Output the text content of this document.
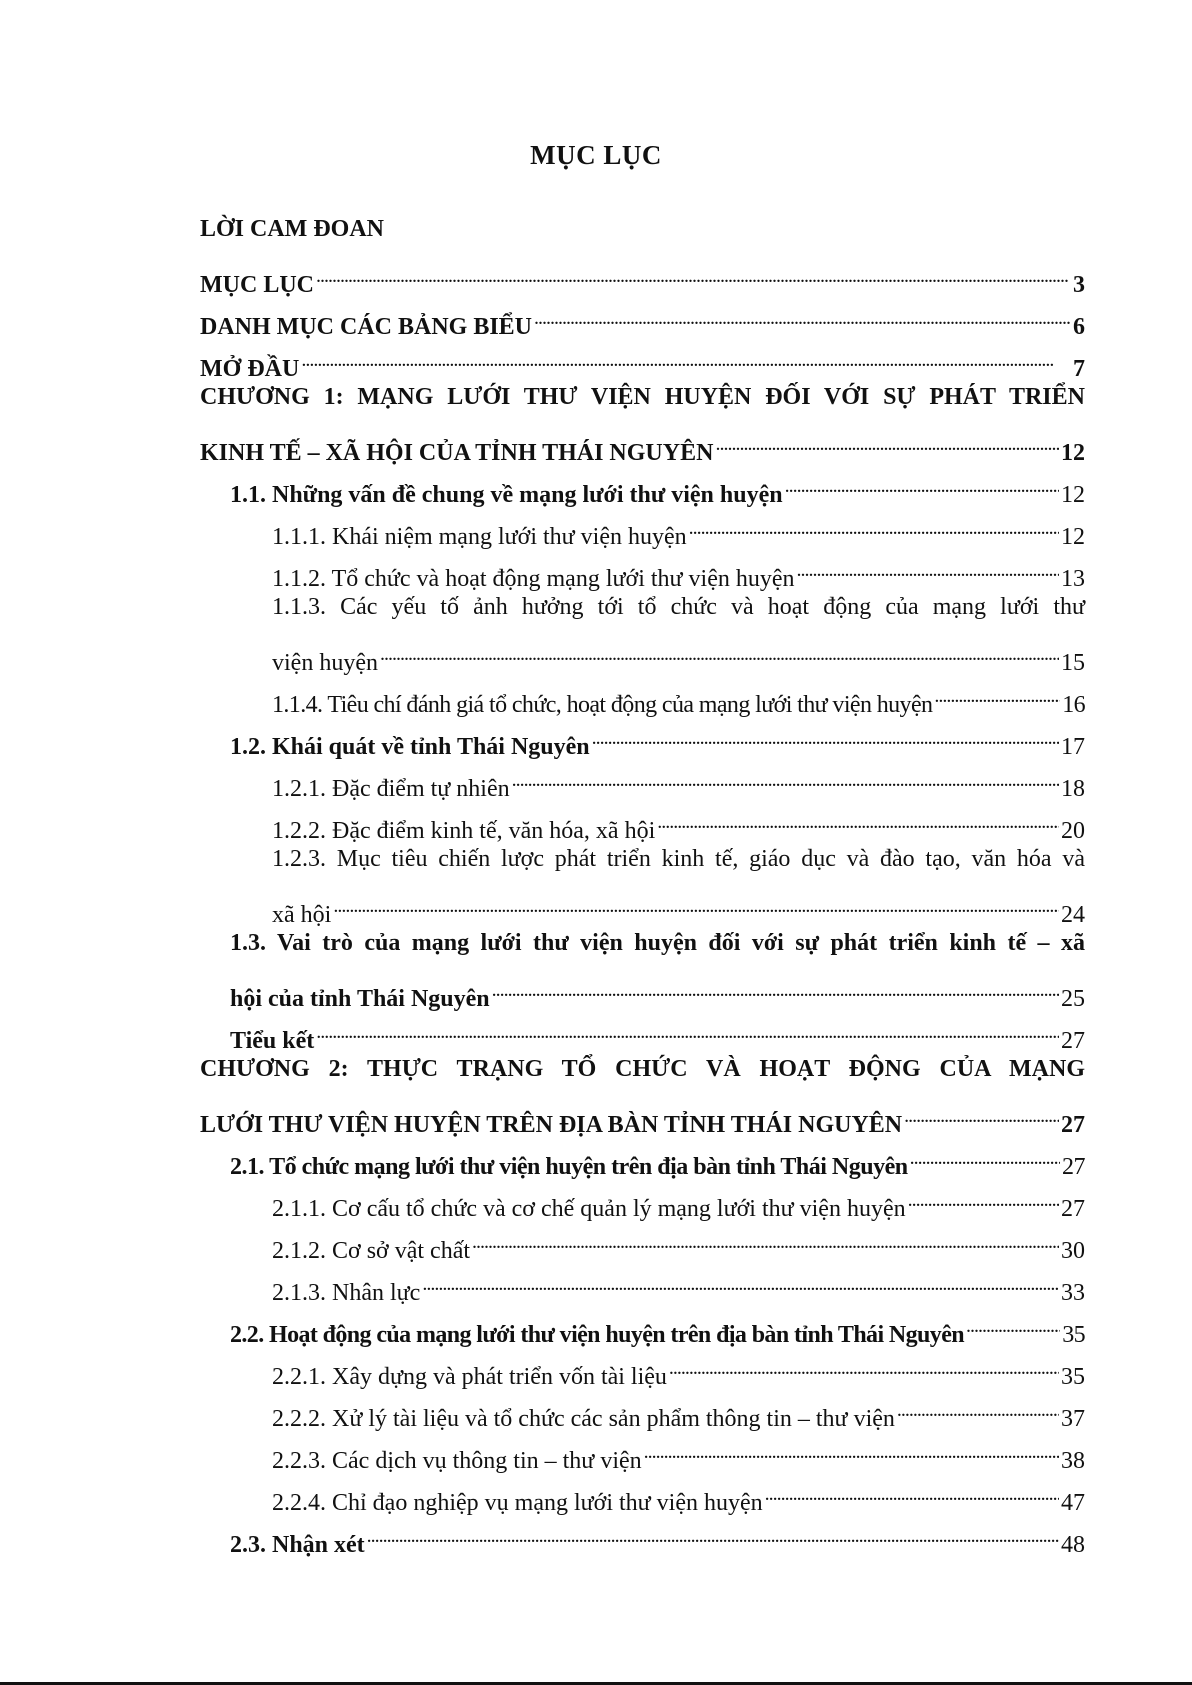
MỤC LỤC
LỜI CAM ĐOAN
MỤC LỤC . . .	3
DANH MỤC CÁC BẢNG BIỂU . . .	6
MỞ ĐẦU . . .	7
CHƯƠNG 1: MẠNG LƯỚI THƯ VIỆN HUYỆN ĐỐI VỚI SỰ PHÁT TRIỂN
KINH TẾ – XÃ HỘI CỦA TỈNH THÁI NGUYÊN . . .	12
1.1. Những vấn đề chung về mạng lưới thư viện huyện . . .	12
1.1.1. Khái niệm mạng lưới thư viện huyện . . .	12
1.1.2. Tổ chức và hoạt động mạng lưới thư viện huyện . . .	13
1.1.3. Các yếu tố ảnh hưởng tới tổ chức và hoạt động của mạng lưới thư
viện huyện . . .	15
1.1.4. Tiêu chí đánh giá tổ chức, hoạt động của mạng lưới thư viện huyện . . .	16
1.2. Khái quát về tỉnh Thái Nguyên . . .	17
1.2.1. Đặc điểm tự nhiên . . .	18
1.2.2. Đặc điểm kinh tế, văn hóa, xã hội . . .	20
1.2.3. Mục tiêu chiến lược phát triển kinh tế, giáo dục và đào tạo, văn hóa và
xã hội . . .	24
1.3. Vai trò của mạng lưới thư viện huyện đối với sự phát triển kinh tế – xã
hội của tỉnh Thái Nguyên . . .	25
Tiểu kết . . .	27
CHƯƠNG 2: THỰC TRẠNG TỔ CHỨC VÀ HOẠT ĐỘNG CỦA MẠNG
LƯỚI THƯ VIỆN HUYỆN TRÊN ĐỊA BÀN TỈNH THÁI NGUYÊN . . .	27
2.1. Tổ chức mạng lưới thư viện huyện trên địa bàn tỉnh Thái Nguyên . . .	27
2.1.1. Cơ cấu tổ chức và cơ chế quản lý mạng lưới thư viện huyện . . .	27
2.1.2. Cơ sở vật chất . . .	30
2.1.3. Nhân lực . . .	33
2.2. Hoạt động của mạng lưới thư viện huyện trên địa bàn tỉnh Thái Nguyên . . .	35
2.2.1. Xây dựng và phát triển vốn tài liệu . . .	35
2.2.2. Xử lý tài liệu và tổ chức các sản phẩm thông tin – thư viện . . .	37
2.2.3. Các dịch vụ thông tin – thư viện . . .	38
2.2.4. Chỉ đạo nghiệp vụ mạng lưới thư viện huyện . . .	47
2.3. Nhận xét . . .	48
